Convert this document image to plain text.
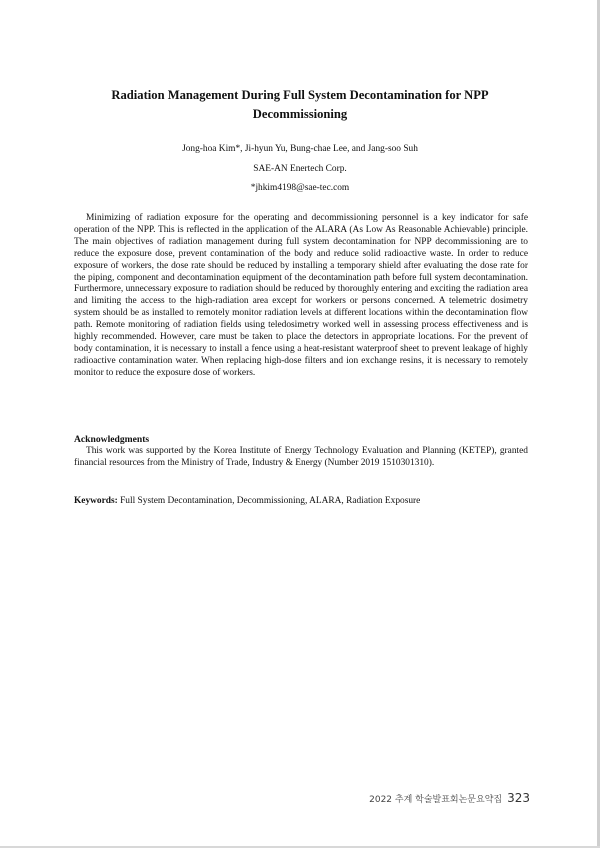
Radiation Management During Full System Decontamination for NPP Decommissioning
Jong-hoa Kim*, Ji-hyun Yu, Bung-chae Lee, and Jang-soo Suh
SAE-AN Enertech Corp.
*jhkim4198@sae-tec.com

Minimizing of radiation exposure for the operating and decommissioning personnel is a key indicator for safe operation of the NPP. This is reflected in the application of the ALARA (As Low As Reasonable Achievable) principle. The main objectives of radiation management during full system decontamination for NPP decommissioning are to reduce the exposure dose, prevent contamination of the body and reduce solid radioactive waste. In order to reduce exposure of workers, the dose rate should be reduced by installing a temporary shield after evaluating the dose rate for the piping, component and decontamination equipment of the decontamination path before full system decontamination. Furthermore, unnecessary exposure to radiation should be reduced by thoroughly entering and exciting the radiation area and limiting the access to the high-radiation area except for workers or persons concerned. A telemetric dosimetry system should be as installed to remotely monitor radiation levels at different locations within the decontamination flow path. Remote monitoring of radiation fields using teledosimetry worked well in assessing process effectiveness and is highly recommended. However, care must be taken to place the detectors in appropriate locations. For the prevent of body contamination, it is necessary to install a fence using a heat-resistant waterproof sheet to prevent leakage of highly radioactive contamination water. When replacing high-dose filters and ion exchange resins, it is necessary to remotely monitor to reduce the exposure dose of workers.

Acknowledgments

This work was supported by the Korea Institute of Energy Technology Evaluation and Planning (KETEP), granted financial resources from the Ministry of Trade, Industry & Energy (Number 2019 1510301310).

Keywords: Full System Decontamination, Decommissioning, ALARA, Radiation Exposure
2022 추계 학술발표회논문요약집 323
